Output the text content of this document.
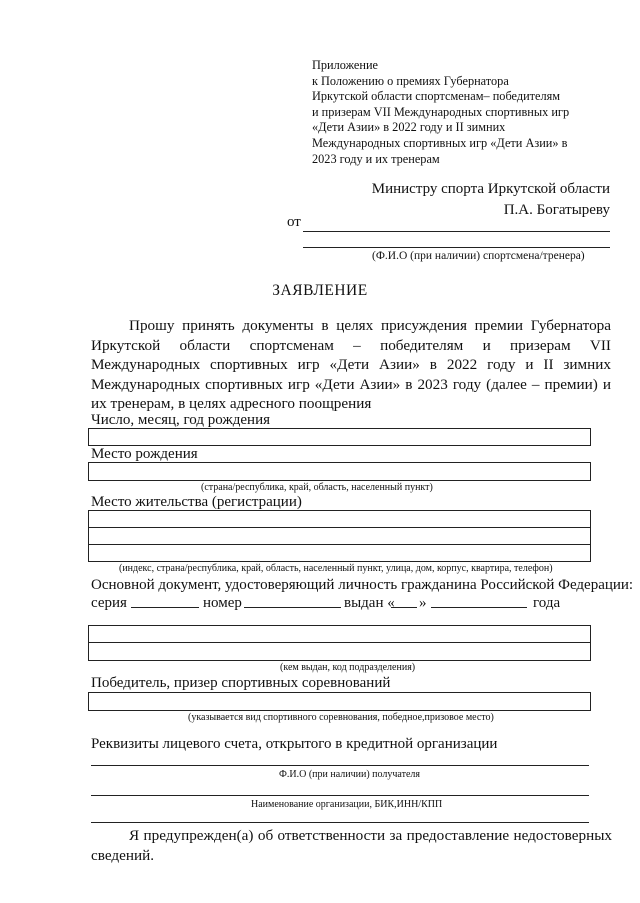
Приложение
к Положению о премиях Губернатора
Иркутской области спортсменам– победителям
и призерам VII Международных спортивных игр
«Дети Азии» в 2022 году и II зимних
Международных спортивных игр «Дети Азии» в
2023 году и их тренерам
Министру спорта Иркутской области
П.А. Богатыреву
от
(Ф.И.О (при наличии) спортсмена/тренера)
ЗАЯВЛЕНИЕ
Прошу принять документы в целях присуждения премии Губернатора Иркутской области спортсменам – победителям и призерам VII Международных спортивных игр «Дети Азии» в 2022 году и II зимних Международных спортивных игр «Дети Азии» в 2023 году (далее – премии) и их тренерам, в целях адресного поощрения
Число, месяц, год рождения
Место рождения
(страна/республика, край, область, населенный пункт)
Место жительства (регистрации)
(индекс, страна/республика, край, область, населенный пункт, улица, дом, корпус, квартира, телефон)
Основной документ, удостоверяющий личность гражданина Российской Федерации:
серия	номер	выдан « »	года
(кем выдан, код подразделения)
Победитель, призер спортивных соревнований
(указывается вид спортивного соревнования, победное,призовое место)
Реквизиты лицевого счета, открытого в кредитной организации
Ф.И.О (при наличии) получателя
Наименование организации, БИК,ИНН/КПП
Я предупрежден(а) об ответственности за предоставление недостоверных сведений.
